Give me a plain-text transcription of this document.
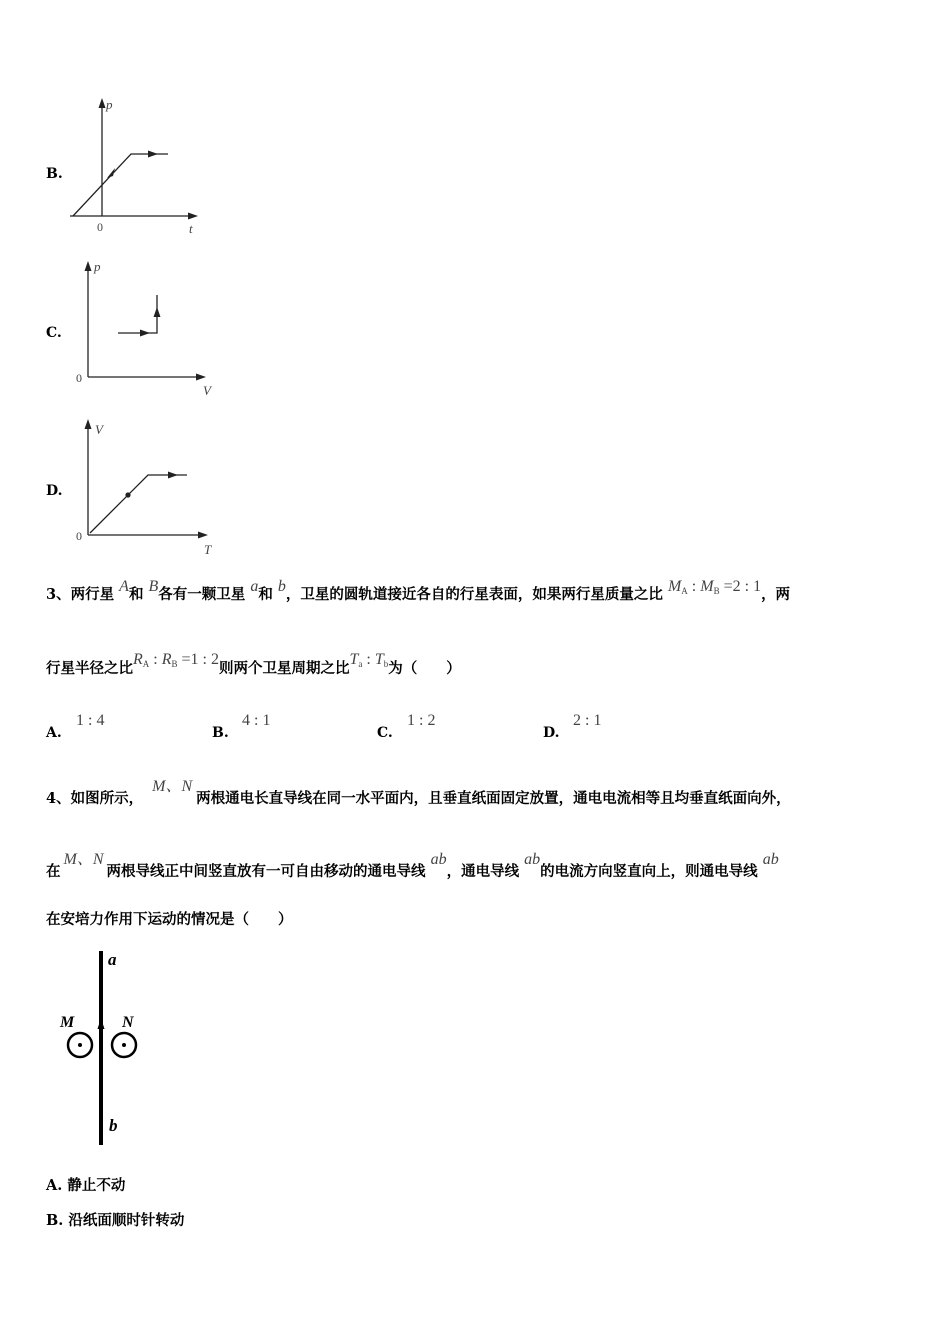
B.
p
0	t
C.
p
0
V
D.
V
0
T
3、两行星 A和 B各有一颗卫星 a和 b，卫星的圆轨道接近各自的行星表面，如果两行星质量之比 $M_A$ : $M_B =2$ : 1，两
行星半径之比$R_A$ : $R_B =1$ : 2则两个卫星周期之比$T_a$ : $T_b$为（　　）
A.
1 : 4
B.
4 : 1
C.
1 : 2
D.
2 : 1
4、如图所示， M、N两根通电长直导线在同一水平面内，且垂直纸面固定放置，通电电流相等且均垂直纸面向外，
在M、N两根导线正中间竖直放有一可自由移动的通电导线 ab，通电导线 ab的电流方向竖直向上，则通电导线 ab
在安培力作用下运动的情况是（　　）
a
b
M	N
A. 静止不动
B. 沿纸面顺时针转动
